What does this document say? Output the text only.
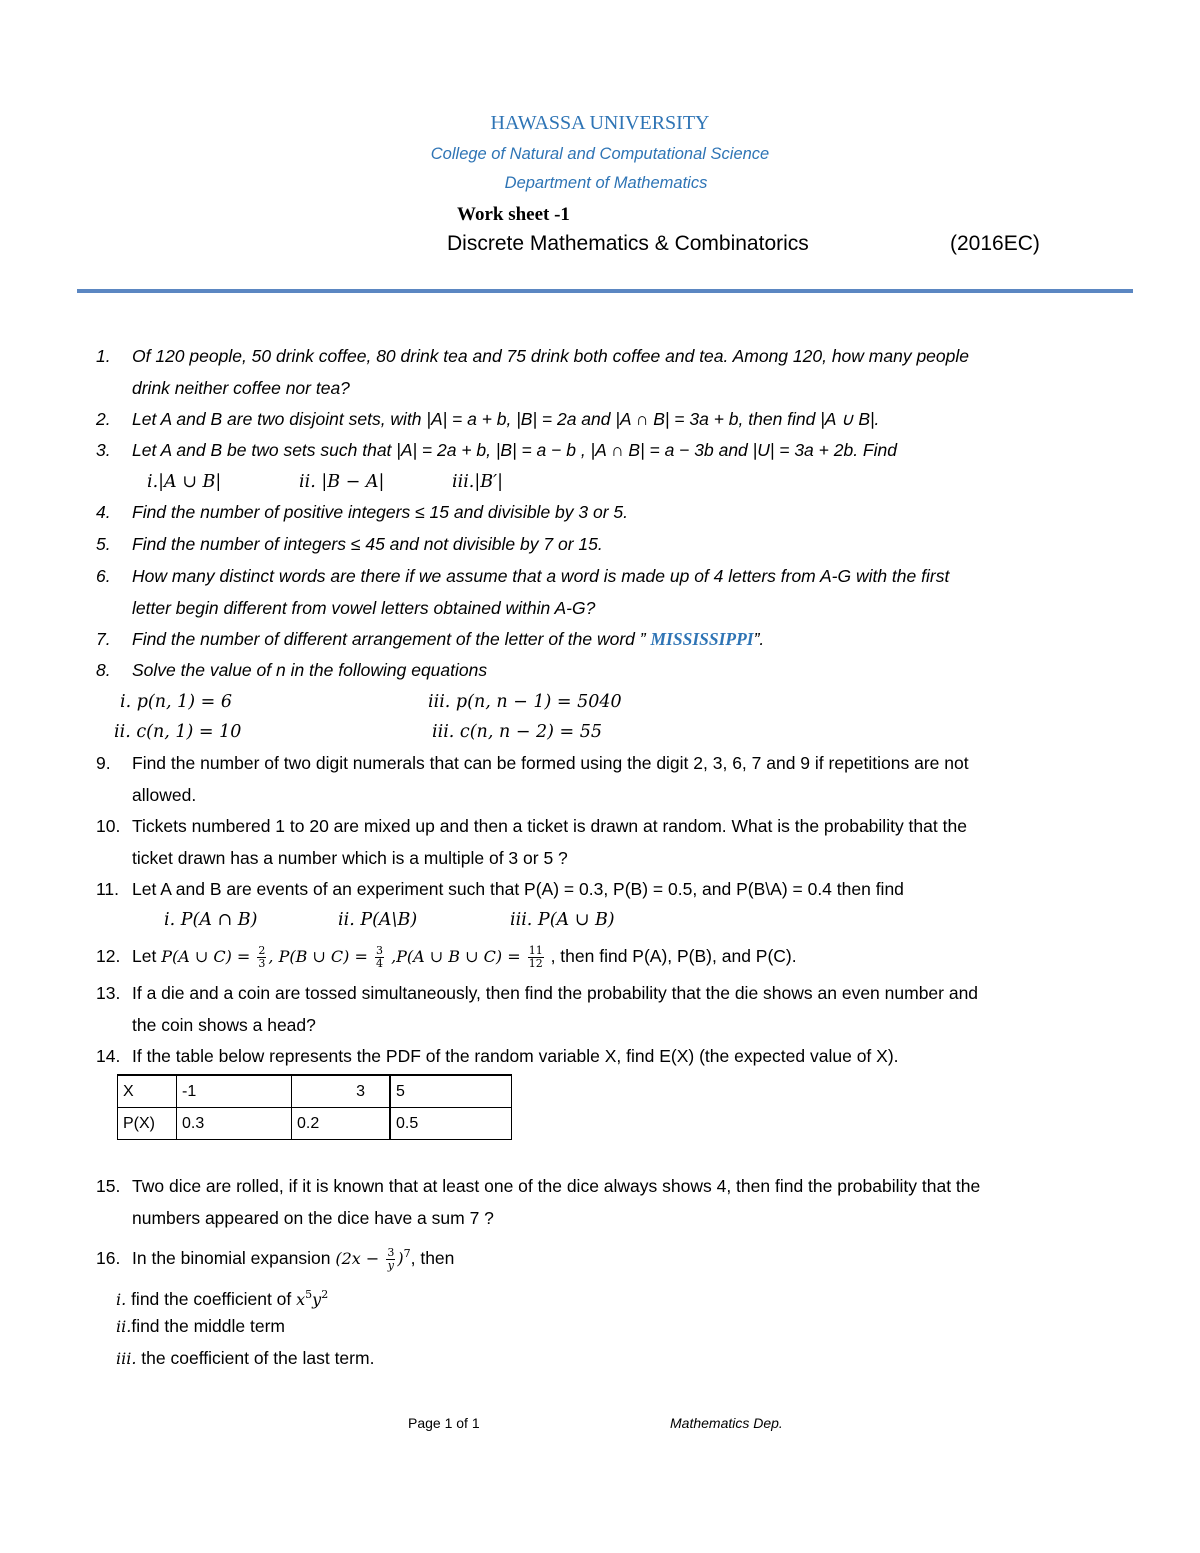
HAWASSA UNIVERSITY
College of Natural and Computational Science
Department of Mathematics
Work sheet -1
Discrete Mathematics & Combinatorics	(2016EC)
1. Of 120 people, 50 drink coffee, 80 drink tea and 75 drink both coffee and tea. Among 120, how many people
drink neither coffee nor tea?
2. Let A and B are two disjoint sets, with |A| = a + b, |B| = 2a and |A ∩ B| = 3a + b, then find |A ∪ B|.
3. Let A and B be two sets such that |A| = 2a + b, |B| = a − b , |A ∩ B| = a − 3b and |U| = 3a + 2b. Find
i.|A ∪ B|	ii. |B − A|	iii.|B′|
4. Find the number of positive integers ≤ 15 and divisible by 3 or 5.
5. Find the number of integers ≤ 45 and not divisible by 7 or 15.
6. How many distinct words are there if we assume that a word is made up of 4 letters from A-G with the first
letter begin different from vowel letters obtained within A-G?
7. Find the number of different arrangement of the letter of the word ” MISSISSIPPI”.
8. Solve the value of n in the following equations
i. p(n, 1) = 6	iii. p(n, n − 1) = 5040
ii. c(n, 1) = 10	iii. c(n, n − 2) = 55
9. Find the number of two digit numerals that can be formed using the digit 2, 3, 6, 7 and 9 if repetitions are not
allowed.
10. Tickets numbered 1 to 20 are mixed up and then a ticket is drawn at random. What is the probability that the
ticket drawn has a number which is a multiple of 3 or 5 ?
11. Let A and B are events of an experiment such that P(A) = 0.3, P(B) = 0.5, and P(B\A) = 0.4 then find
i. P(A ∩ B)	ii. P(A\B)	iii. P(A ∪ B)
12. Let P(A ∪ $C) = \frac{2}{3}$ , P(B ∪ $C) = \frac{3}{4} ,P(A$ ∪ B ∪ $C) = \frac{11}{12}$ , then find P(A), P(B), and P(C).
13. If a die and a coin are tossed simultaneously, then find the probability that the die shows an even number and
the coin shows a head?
14. If the table below represents the PDF of the random variable X, find E(X) (the expected value of X).
X	-1	3	5
P(X)	0.3	0.2	0.5
15. Two dice are rolled, if it is known that at least one of the dice always shows 4, then find the probability that the
numbers appeared on the dice have a sum 7 ?
16. In the binomial expansion $(2x - \frac{3}{y} )^7$, then
i. find the coefficient of $x^5y^2$
ii.find the middle term
iii. the coefficient of the last term.
Page 1 of 1	Mathematics Dep.
